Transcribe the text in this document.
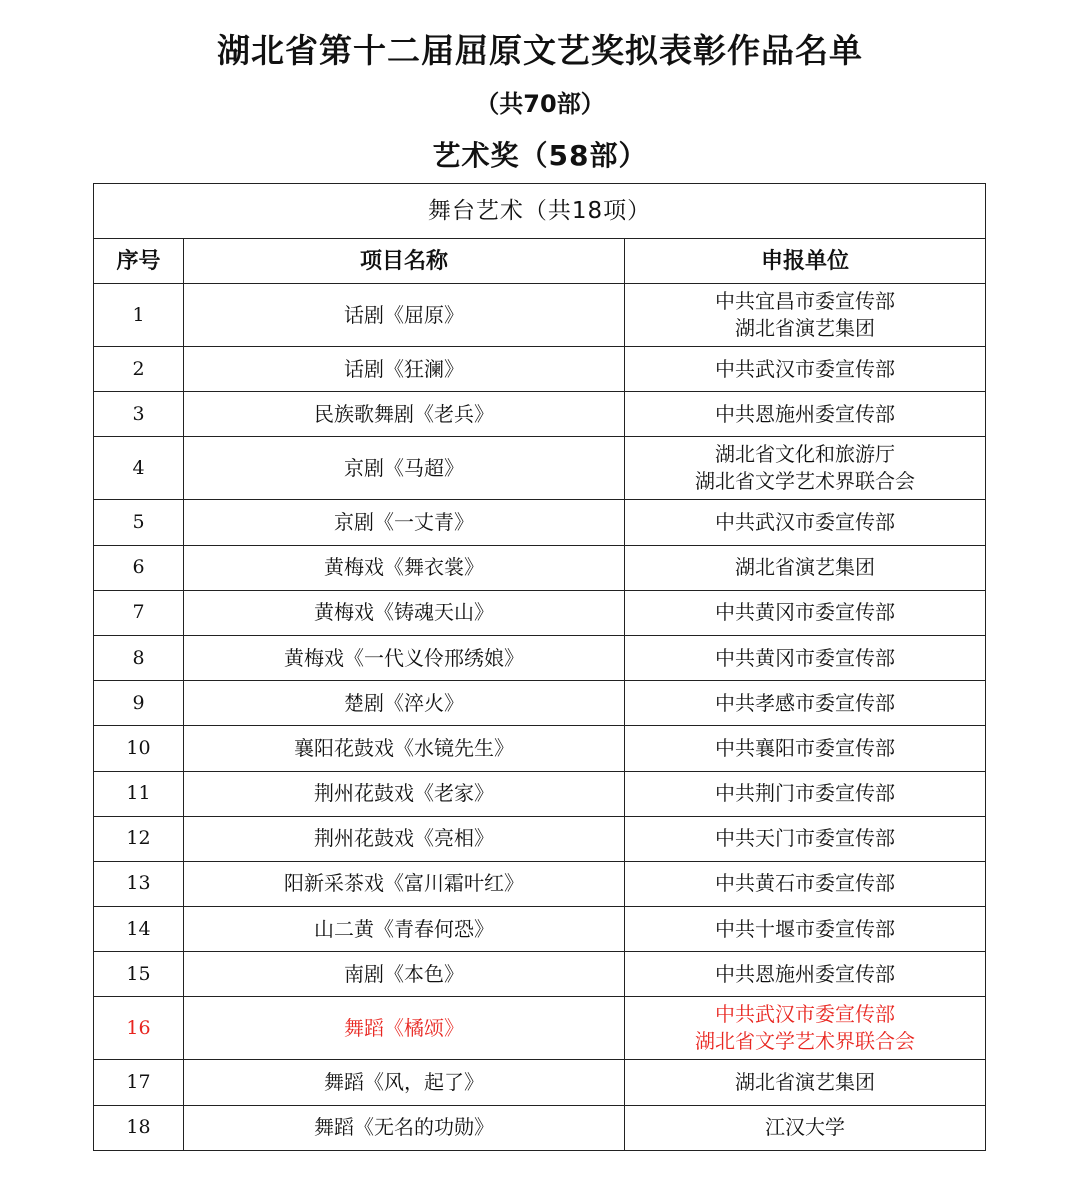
湖北省第十二届屈原文艺奖拟表彰作品名单
（共70部）
艺术奖（58部）
舞台艺术（共18项）		
序号	项目名称	申报单位
1	话剧《屈原》	中共宜昌市委宣传部
湖北省演艺集团

2	话剧《狂澜》	中共武汉市委宣传部

3	民族歌舞剧《老兵》	中共恩施州委宣传部

4	京剧《马超》	湖北省文化和旅游厅
湖北省文学艺术界联合会

5	京剧《一丈青》	中共武汉市委宣传部

6	黄梅戏《舞衣裳》	湖北省演艺集团

7	黄梅戏《铸魂天山》	中共黄冈市委宣传部

8	黄梅戏《一代义伶邢绣娘》	中共黄冈市委宣传部

9	楚剧《淬火》	中共孝感市委宣传部

10	襄阳花鼓戏《水镜先生》	中共襄阳市委宣传部

11	荆州花鼓戏《老家》	中共荆门市委宣传部

12	荆州花鼓戏《亮相》	中共天门市委宣传部

13	阳新采茶戏《富川霜叶红》	中共黄石市委宣传部

14	山二黄《青春何恐》	中共十堰市委宣传部

15	南剧《本色》	中共恩施州委宣传部

16	舞蹈《橘颂》	中共武汉市委宣传部
湖北省文学艺术界联合会

17	舞蹈《风，起了》	湖北省演艺集团

18	舞蹈《无名的功勋》	江汉大学
